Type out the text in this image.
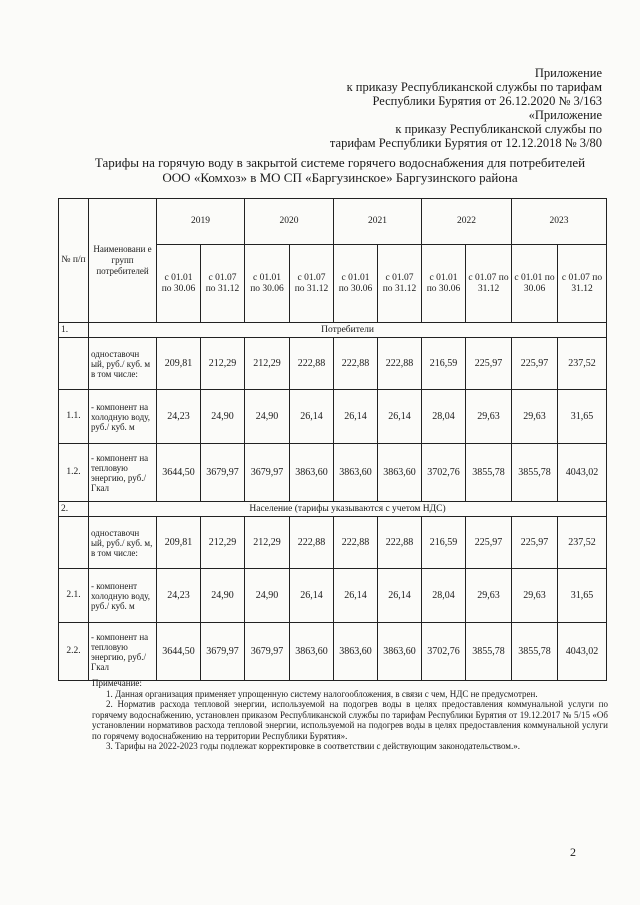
Приложение
к приказу Республиканской службы по тарифам
Республики Бурятия от 26.12.2020 № 3/163
«Приложение
к приказу Республиканской службы по
тарифам Республики Бурятия от 12.12.2018 № 3/80
Тарифы на горячую воду в закрытой системе горячего водоснабжения для потребителей
ООО «Комхоз» в МО СП «Баргузинское» Баргузинского района
№ п/п	Наименовани е групп потребителей	2019		2020		2021		2022		2023	
		с 01.01 по 30.06	с 01.07 по 31.12	с 01.01 по 30.06	с 01.07 по 31.12	с 01.01 по 30.06	с 01.07 по 31.12	с 01.01 по 30.06	с 01.07 по 31.12	с 01.01 по 30.06	с 01.07 по 31.12
1.	Потребители										
	одноставочн ый, руб./ куб. м в том числе:	209,81	212,29	212,29	222,88	222,88	222,88	216,59	225,97	225,97	237,52
1.1.	- компонент на холодную воду, руб./ куб. м	24,23	24,90	24,90	26,14	26,14	26,14	28,04	29,63	29,63	31,65
1.2.	- компонент на тепловую энергию, руб./Гкал	3644,50	3679,97	3679,97	3863,60	3863,60	3863,60	3702,76	3855,78	3855,78	4043,02
2.	Население (тарифы указываются с учетом НДС)										
	одноставочн ый, руб./ куб. м, в том числе:	209,81	212,29	212,29	222,88	222,88	222,88	216,59	225,97	225,97	237,52
2.1.	- компонент холодную воду, руб./ куб. м	24,23	24,90	24,90	26,14	26,14	26,14	28,04	29,63	29,63	31,65
2.2.	- компонент на тепловую энергию, руб./Гкал	3644,50	3679,97	3679,97	3863,60	3863,60	3863,60	3702,76	3855,78	3855,78	4043,02

Примечание:

1. Данная организация применяет упрощенную систему налогообложения, в связи с чем, НДС не предусмотрен.

2. Норматив расхода тепловой энергии, используемой на подогрев воды в целях предоставления коммунальной услуги по горячему водоснабжению, установлен приказом Республиканской службы по тарифам Республики Бурятия от 19.12.2017 № 5/15 «Об установлении нормативов расхода тепловой энергии, используемой на подогрев воды в целях предоставления коммунальной услуги по горячему водоснабжению на территории Республики Бурятия».

3. Тарифы на 2022-2023 годы подлежат корректировке в соответствии с действующим законодательством.».

2
